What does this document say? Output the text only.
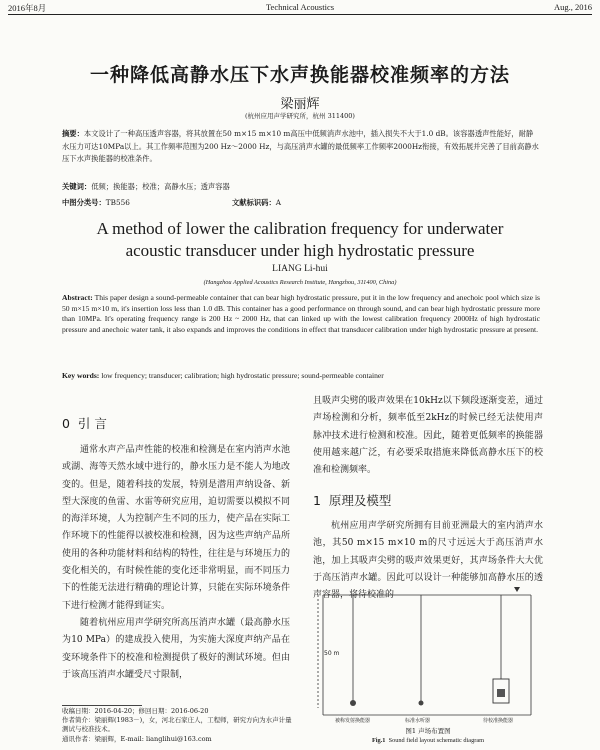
2016年8月	Technical Acoustics	Aug., 2016
一种降低高静水压下水声换能器校准频率的方法
梁丽辉
(杭州应用声学研究所，杭州 311400)
摘要：本文设计了一种高压透声容器，将其放置在50 m×15 m×10 m高压中低频消声水池中，插入损失不大于1.0 dB。该容器透声性能好，耐静水压力可达10MPa以上。其工作频率范围为200 Hz～2000 Hz，与高压消声水罐的最低频率工作频率2000Hz衔接，有效拓展并完善了目前高静水压下水声换能器的校准条件。
关键词：低频；换能器；校准；高静水压；透声容器
中图分类号：TB556	文献标识码：A
A method of lower the calibration frequency for underwater
acoustic transducer under high hydrostatic pressure
LIANG Li-hui
(Hangzhou Applied Acoustics Research Institute, Hangzhou, 311400, China)
Abstract: This paper design a sound-permeable container that can bear high hydrostatic pressure, put it in the low frequency and anechoic pool which size is 50 m×15 m×10 m, it's insertion loss less than 1.0 dB. This container has a good performance on through sound, and can bear high hydrostatic pressure more than 10MPa. It's operating frequency range is 200 Hz ~ 2000 Hz, that can linked up with the lowest calibration frequency 2000Hz of high hydrostatic pressure and anechoic water tank, it also expands and improves the conditions in effect that transducer calibration under high hydrostatic pressure at present.
Key words: low frequency; transducer; calibration; high hydrostatic pressure; sound-permeable container
0 引 言

通常水声产品声性能的校准和检测是在室内消声水池或湖、海等天然水域中进行的，静水压力是不能人为地改变的。但是，随着科技的发展，特别是潜用声纳设备、新型大深度的鱼雷、水雷等研究应用，迫切需要以模拟不同的海洋环境，人为控制产生不同的压力，使产品在实际工作环境下的性能得以被校准和检测，因为这些声纳产品所使用的各种功能材料和结构的特性，往往是与环境压力的变化相关的，有时候性能的变化还非常明显，而不同压力下的性能无法进行精确的理论计算，只能在实际环境条件下进行检测才能得到证实。

随着杭州应用声学研究所高压消声水罐（最高静水压为10 MPa）的建成投入使用，为实施大深度声纳产品在变环境条件下的校准和检测提供了极好的测试环境。但由于该高压消声水罐受尺寸限制，

且吸声尖劈的吸声效果在10kHz以下频段逐渐变差，通过声场检测和分析，频率低至2kHz的时候已经无法使用声脉冲技术进行检测和校准。因此，随着更低频率的换能器使用越来越广泛，有必要采取措施来降低高静水压下的校准和检测频率。

1 原理及模型

杭州应用声学研究所拥有目前亚洲最大的室内消声水池，其50 m×15 m×10 m的尺寸远远大于高压消声水池，加上其吸声尖劈的吸声效果更好，其声场条件大大优于高压消声水罐。因此可以设计一种能够加高静水压的透声容器，将待校准的

50 m
被称发射换能器	标准水听器	待校准换能器
图1 声场布置图
Fig.1 Sound field layout schematic diagram
收稿日期：2016-04-20；修回日期：2016-06-20
作者简介：梁丽辉(1983－)，女，河北石家庄人，工程师，研究方向为水声计量测试与校准技术。
通讯作者：梁丽辉，E-mail: lianglihui@163.com
